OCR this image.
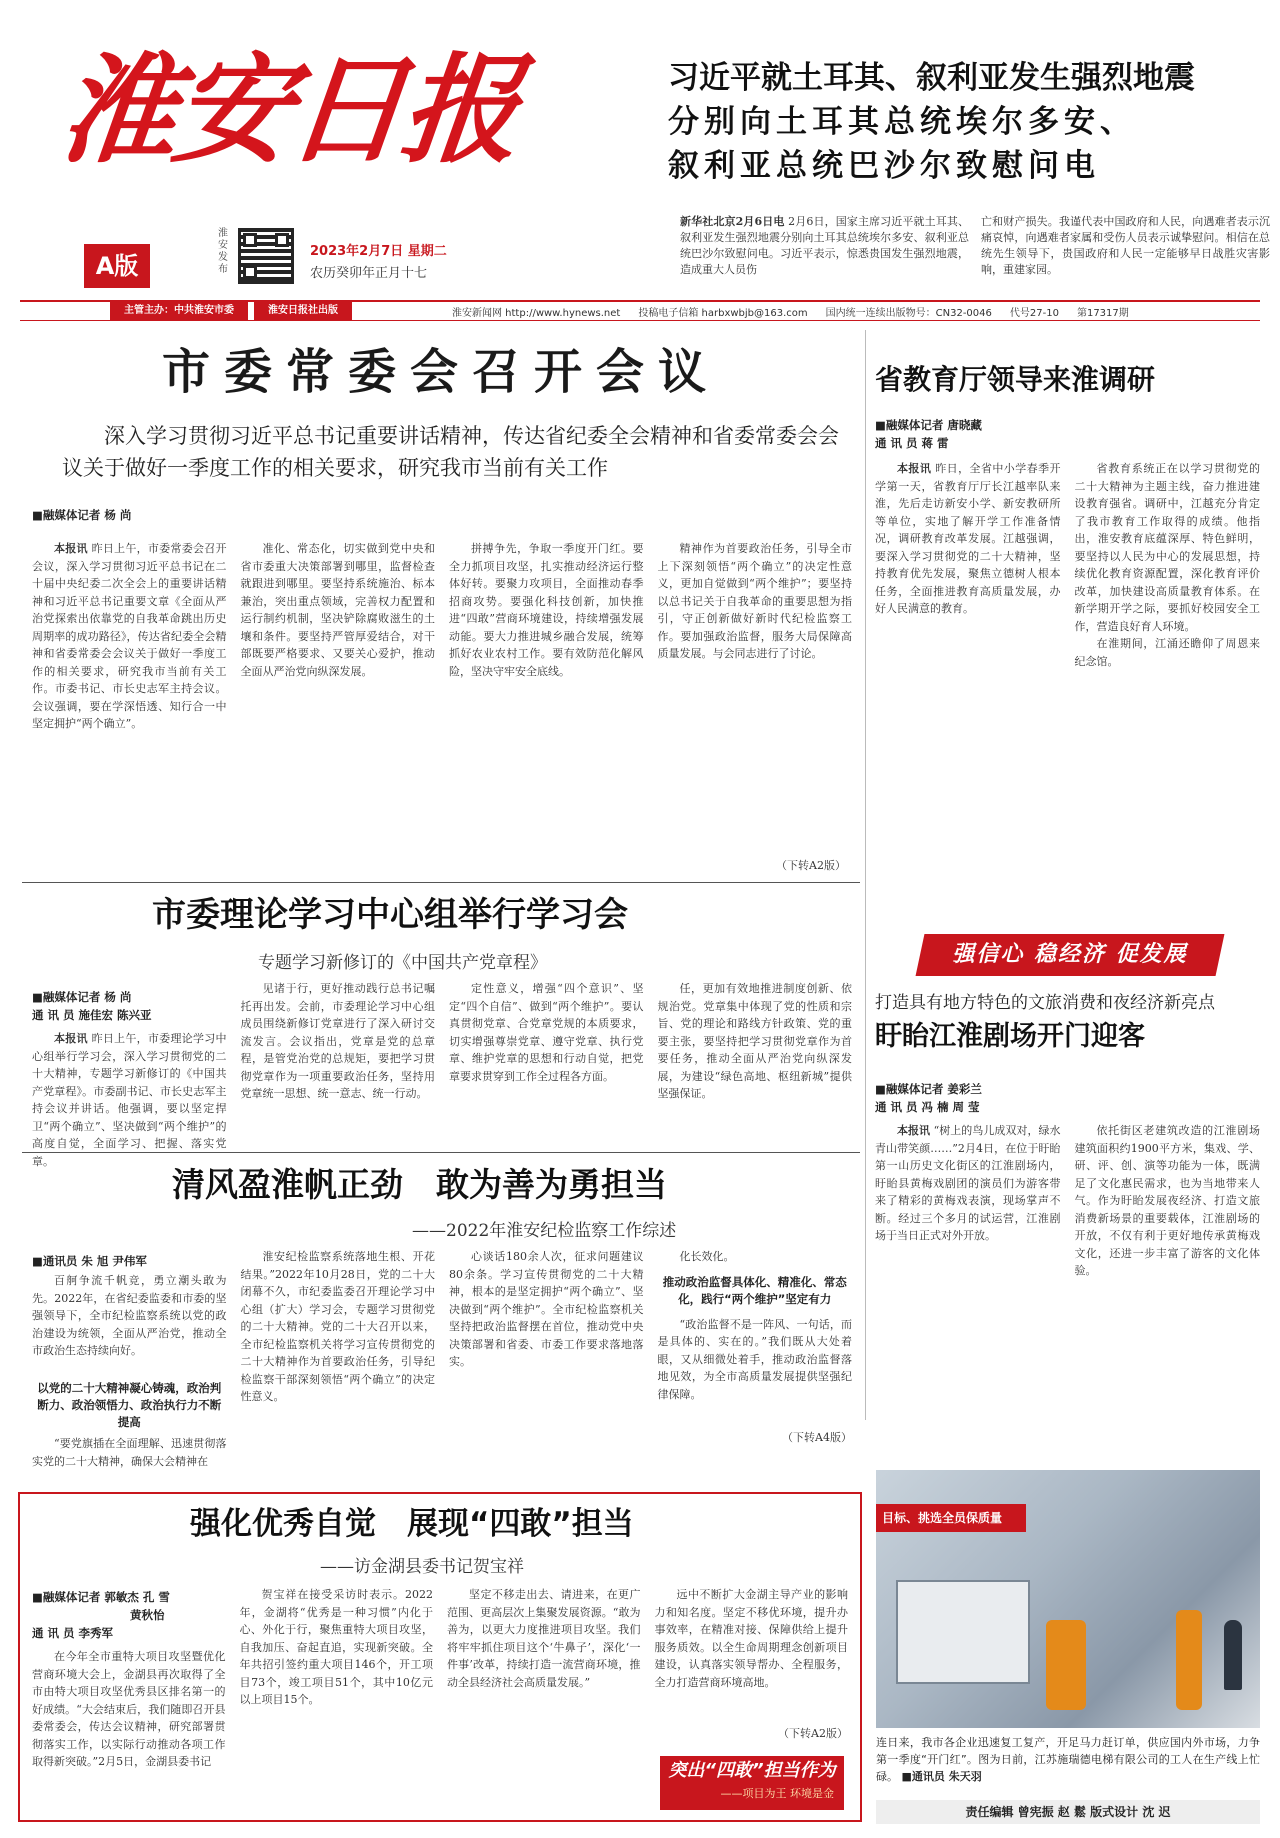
淮安日报
A版
淮安发布
2023年2月7日 星期二
农历癸卯年正月十七
习近平就土耳其、叙利亚发生强烈地震
分别向土耳其总统埃尔多安、
叙利亚总统巴沙尔致慰问电

新华社北京2月6日电 2月6日，国家主席习近平就土耳其、叙利亚发生强烈地震分别向土耳其总统埃尔多安、叙利亚总统巴沙尔致慰问电。习近平表示，惊悉贵国发生强烈地震，造成重大人员伤

亡和财产损失。我谨代表中国政府和人民，向遇难者表示沉痛哀悼，向遇难者家属和受伤人员表示诚挚慰问。相信在总统先生领导下，贵国政府和人民一定能够早日战胜灾害影响，重建家园。

主管主办：中共淮安市委	淮安日报社出版	淮安新闻网 http://www.hynews.net 投稿电子信箱 harbxwbjb@163.com 国内统一连续出版物号：CN32-0046 代号27-10 第17317期
市委常委会召开会议
深入学习贯彻习近平总书记重要讲话精神，传达省纪委全会精神和省委常委会会议关于做好一季度工作的相关要求，研究我市当前有关工作
■融媒体记者 杨 尚

本报讯 昨日上午，市委常委会召开会议，深入学习贯彻习近平总书记在二十届中央纪委二次全会上的重要讲话精神和习近平总书记重要文章《全面从严治党探索出依靠党的自我革命跳出历史周期率的成功路径》，传达省纪委全会精神和省委常委会会议关于做好一季度工作的相关要求，研究我市当前有关工作。市委书记、市长史志军主持会议。会议强调，要在学深悟透、知行合一中坚定拥护“两个确立”。

准化、常态化，切实做到党中央和省市委重大决策部署到哪里，监督检查就跟进到哪里。要坚持系统施治、标本兼治，突出重点领域，完善权力配置和运行制约机制，坚决铲除腐败滋生的土壤和条件。要坚持严管厚爱结合，对干部既要严格要求、又要关心爱护，推动全面从严治党向纵深发展。

拼搏争先，争取一季度开门红。要全力抓项目攻坚，扎实推动经济运行整体好转。要聚力攻项目，全面推动春季招商攻势。要强化科技创新，加快推进“四敢”营商环境建设，持续增强发展动能。要大力推进城乡融合发展，统筹抓好农业农村工作。要有效防范化解风险，坚决守牢安全底线。

精神作为首要政治任务，引导全市上下深刻领悟“两个确立”的决定性意义，更加自觉做到“两个维护”；要坚持以总书记关于自我革命的重要思想为指引，守正创新做好新时代纪检监察工作。要加强政治监督，服务大局保障高质量发展。与会同志进行了讨论。

（下转A2版）
省教育厅领导来淮调研
■融媒体记者 唐晓藏
通 讯 员 蒋 雷

本报讯 昨日，全省中小学春季开学第一天，省教育厅厅长江越率队来淮，先后走访新安小学、新安教研所等单位，实地了解开学工作准备情况，调研教育改革发展。江越强调，要深入学习贯彻党的二十大精神，坚持教育优先发展，聚焦立德树人根本任务，全面推进教育高质量发展，办好人民满意的教育。

省教育系统正在以学习贯彻党的二十大精神为主题主线，奋力推进建设教育强省。调研中，江越充分肯定了我市教育工作取得的成绩。他指出，淮安教育底蕴深厚、特色鲜明，要坚持以人民为中心的发展思想，持续优化教育资源配置，深化教育评价改革，加快建设高质量教育体系。在新学期开学之际，要抓好校园安全工作，营造良好育人环境。

在淮期间，江涌还瞻仰了周恩来纪念馆。

市委理论学习中心组举行学习会
专题学习新修订的《中国共产党章程》
■融媒体记者 杨 尚
通 讯 员 施佳宏 陈兴亚

本报讯 昨日上午，市委理论学习中心组举行学习会，深入学习贯彻党的二十大精神，专题学习新修订的《中国共产党章程》。市委副书记、市长史志军主持会议并讲话。他强调，要以坚定捍卫“两个确立”、坚决做到“两个维护”的高度自觉，全面学习、把握、落实党章。

见诸于行，更好推动践行总书记嘱托再出发。会前，市委理论学习中心组成员围绕新修订党章进行了深入研讨交流发言。会议指出，党章是党的总章程，是管党治党的总规矩，要把学习贯彻党章作为一项重要政治任务，坚持用党章统一思想、统一意志、统一行动。

定性意义，增强“四个意识”、坚定“四个自信”、做到“两个维护”。要认真贯彻党章、合党章党规的本质要求，切实增强尊崇党章、遵守党章、执行党章、维护党章的思想和行动自觉，把党章要求贯穿到工作全过程各方面。

任，更加有效地推进制度创新、依规治党。党章集中体现了党的性质和宗旨、党的理论和路线方针政策、党的重要主张，要坚持把学习贯彻党章作为首要任务，推动全面从严治党向纵深发展，为建设“绿色高地、枢纽新城”提供坚强保证。

强信心 稳经济 促发展
打造具有地方特色的文旅消费和夜经济新亮点
盱眙江淮剧场开门迎客
■融媒体记者 姜彩兰
通 讯 员 冯 楠 周 莹

本报讯 “树上的鸟儿成双对，绿水青山带笑颜……”2月4日，在位于盱眙第一山历史文化街区的江淮剧场内，盱眙县黄梅戏剧团的演员们为游客带来了精彩的黄梅戏表演，现场掌声不断。经过三个多月的试运营，江淮剧场于当日正式对外开放。

依托街区老建筑改造的江淮剧场建筑面积约1900平方米，集戏、学、研、评、创、演等功能为一体，既满足了文化惠民需求，也为当地带来人气。作为盱眙发展夜经济、打造文旅消费新场景的重要载体，江淮剧场的开放，不仅有利于更好地传承黄梅戏文化，还进一步丰富了游客的文化体验。

清风盈淮帆正劲　敢为善为勇担当
——2022年淮安纪检监察工作综述
■通讯员 朱 旭 尹伟军

百舸争流千帆竞，勇立潮头敢为先。2022年，在省纪委监委和市委的坚强领导下，全市纪检监察系统以党的政治建设为统领，全面从严治党，推动全市政治生态持续向好。

以党的二十大精神凝心铸魂，政治判断力、政治领悟力、政治执行力不断提高

“要党旗插在全面理解、迅速贯彻落实党的二十大精神，确保大会精神在

淮安纪检监察系统落地生根、开花结果。”2022年10月28日，党的二十大闭幕不久，市纪委监委召开理论学习中心组（扩大）学习会，专题学习贯彻党的二十大精神。党的二十大召开以来，全市纪检监察机关将学习宣传贯彻党的二十大精神作为首要政治任务，引导纪检监察干部深刻领悟“两个确立”的决定性意义。

心谈话180余人次，征求问题建议80余条。学习宣传贯彻党的二十大精神，根本的是坚定拥护“两个确立”、坚决做到“两个维护”。全市纪检监察机关坚持把政治监督摆在首位，推动党中央决策部署和省委、市委工作要求落地落实。

化长效化。

推动政治监督具体化、精准化、常态化，践行“两个维护”坚定有力

“政治监督不是一阵风、一句话，而是具体的、实在的。”我们既从大处着眼，又从细微处着手，推动政治监督落地见效，为全市高质量发展提供坚强纪律保障。

（下转A4版）
强化优秀自觉　展现“四敢”担当
——访金湖县委书记贺宝祥
■融媒体记者 郭敏杰 孔 雪
黄秋怡
通 讯 员 李秀军

在今年全市重特大项目攻坚暨优化营商环境大会上，金湖县再次取得了全市由特大项目攻坚优秀县区排名第一的好成绩。“大会结束后，我们随即召开县委常委会，传达会议精神，研究部署贯彻落实工作，以实际行动推动各项工作取得新突破。”2月5日，金湖县委书记

贺宝祥在接受采访时表示。2022年，金湖将“优秀是一种习惯”内化于心、外化于行，聚焦重特大项目攻坚，自我加压、奋起直追，实现新突破。全年共招引签约重大项目146个，开工项目73个，竣工项目51个，其中10亿元以上项目15个。

坚定不移走出去、请进来，在更广范围、更高层次上集聚发展资源。“敢为善为，以更大力度推进项目攻坚。我们将牢牢抓住项目这个‘牛鼻子’，深化‘一件事’改革，持续打造一流营商环境，推动全县经济社会高质量发展。”

远中不断扩大金湖主导产业的影响力和知名度。坚定不移优环境，提升办事效率，在精准对接、保障供给上提升服务质效。以全生命周期理念创新项目建设，认真落实领导帮办、全程服务，全力打造营商环境高地。

（下转A2版）
突出“四敢”担当作为
——项目为王 环境是金
目标、挑选全员保质量
连日来，我市各企业迅速复工复产，开足马力赶订单，供应国内外市场，力争第一季度“开门红”。图为日前，江苏施瑞德电梯有限公司的工人在生产线上忙碌。 ■通讯员 朱天羽
责任编辑 曾宪振 赵 鬆 版式设计 沈 迟
